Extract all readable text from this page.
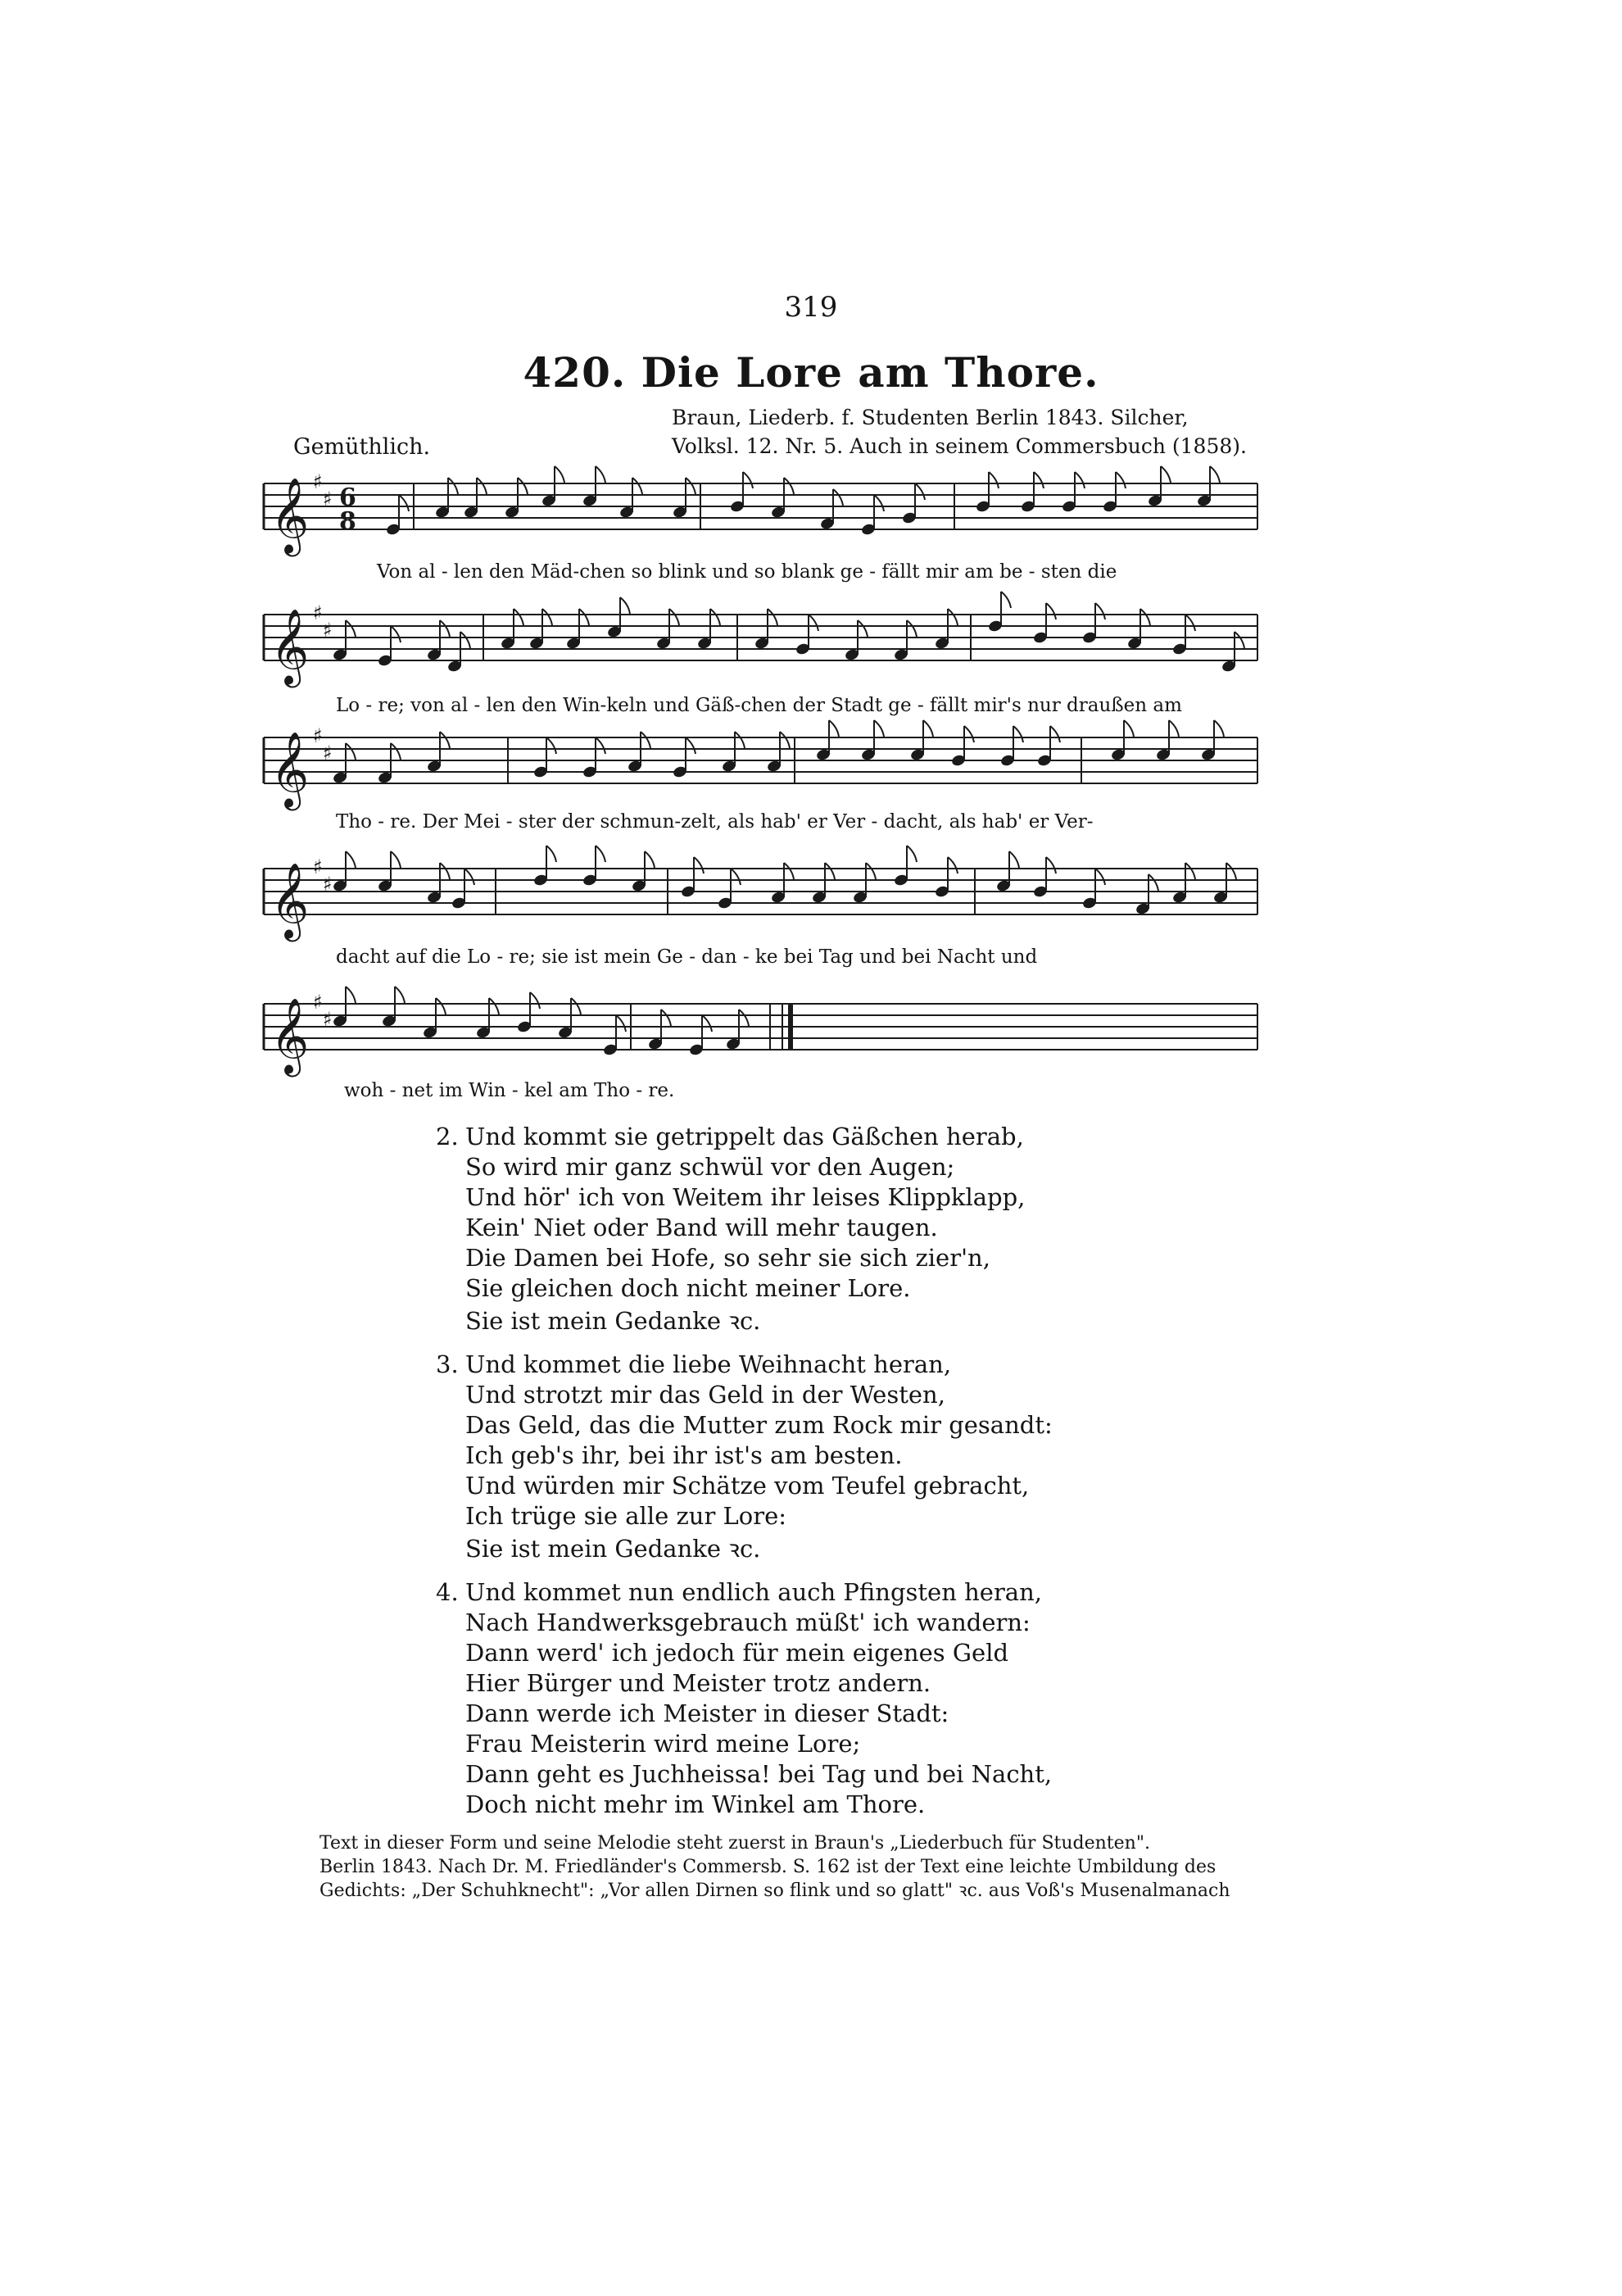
319
420. Die Lore am Thore.
Braun, Liederb. f. Studenten Berlin 1843. Silcher,
Volksl. 12. Nr. 5. Auch in seinem Commersbuch (1858).
Gemüthlich.
𝄞 ♯
♯ 6
8
Von al - len den Mäd-chen so blink und so blank ge - fällt mir am be - sten die
𝄞 ♯
♯
Lo - re; von al - len den Win-keln und Gäß-chen der Stadt ge - fällt mir's nur draußen am
𝄞 ♯
♯
Tho - re. Der Mei - ster der schmun-zelt, als hab' er Ver - dacht, als hab' er Ver-
𝄞 ♯
♯
dacht auf die Lo - re; sie ist mein Ge - dan - ke bei Tag und bei Nacht und
𝄞 ♯
♯
woh - net im Win - kel am Tho - re.
2. Und kommt sie getrippelt das Gäßchen herab,
So wird mir ganz schwül vor den Augen;
Und hör' ich von Weitem ihr leises Klippklapp,
Kein' Niet oder Band will mehr taugen.
Die Damen bei Hofe, so sehr sie sich zier'n,
Sie gleichen doch nicht meiner Lore.
Sie ist mein Gedanke ꝛc.
3. Und kommet die liebe Weihnacht heran,
Und strotzt mir das Geld in der Westen,
Das Geld, das die Mutter zum Rock mir gesandt:
Ich geb's ihr, bei ihr ist's am besten.
Und würden mir Schätze vom Teufel gebracht,
Ich trüge sie alle zur Lore:
Sie ist mein Gedanke ꝛc.
4. Und kommet nun endlich auch Pfingsten heran,
Nach Handwerksgebrauch müßt' ich wandern:
Dann werd' ich jedoch für mein eigenes Geld
Hier Bürger und Meister trotz andern.
Dann werde ich Meister in dieser Stadt:
Frau Meisterin wird meine Lore;
Dann geht es Juchheissa! bei Tag und bei Nacht,
Doch nicht mehr im Winkel am Thore.
Text in dieser Form und seine Melodie steht zuerst in Braun's „Liederbuch für Studenten".
Berlin 1843. Nach Dr. M. Friedländer's Commersb. S. 162 ist der Text eine leichte Umbildung des
Gedichts: „Der Schuhknecht": „Vor allen Dirnen so flink und so glatt" ꝛc. aus Voß's Musenalmanach
